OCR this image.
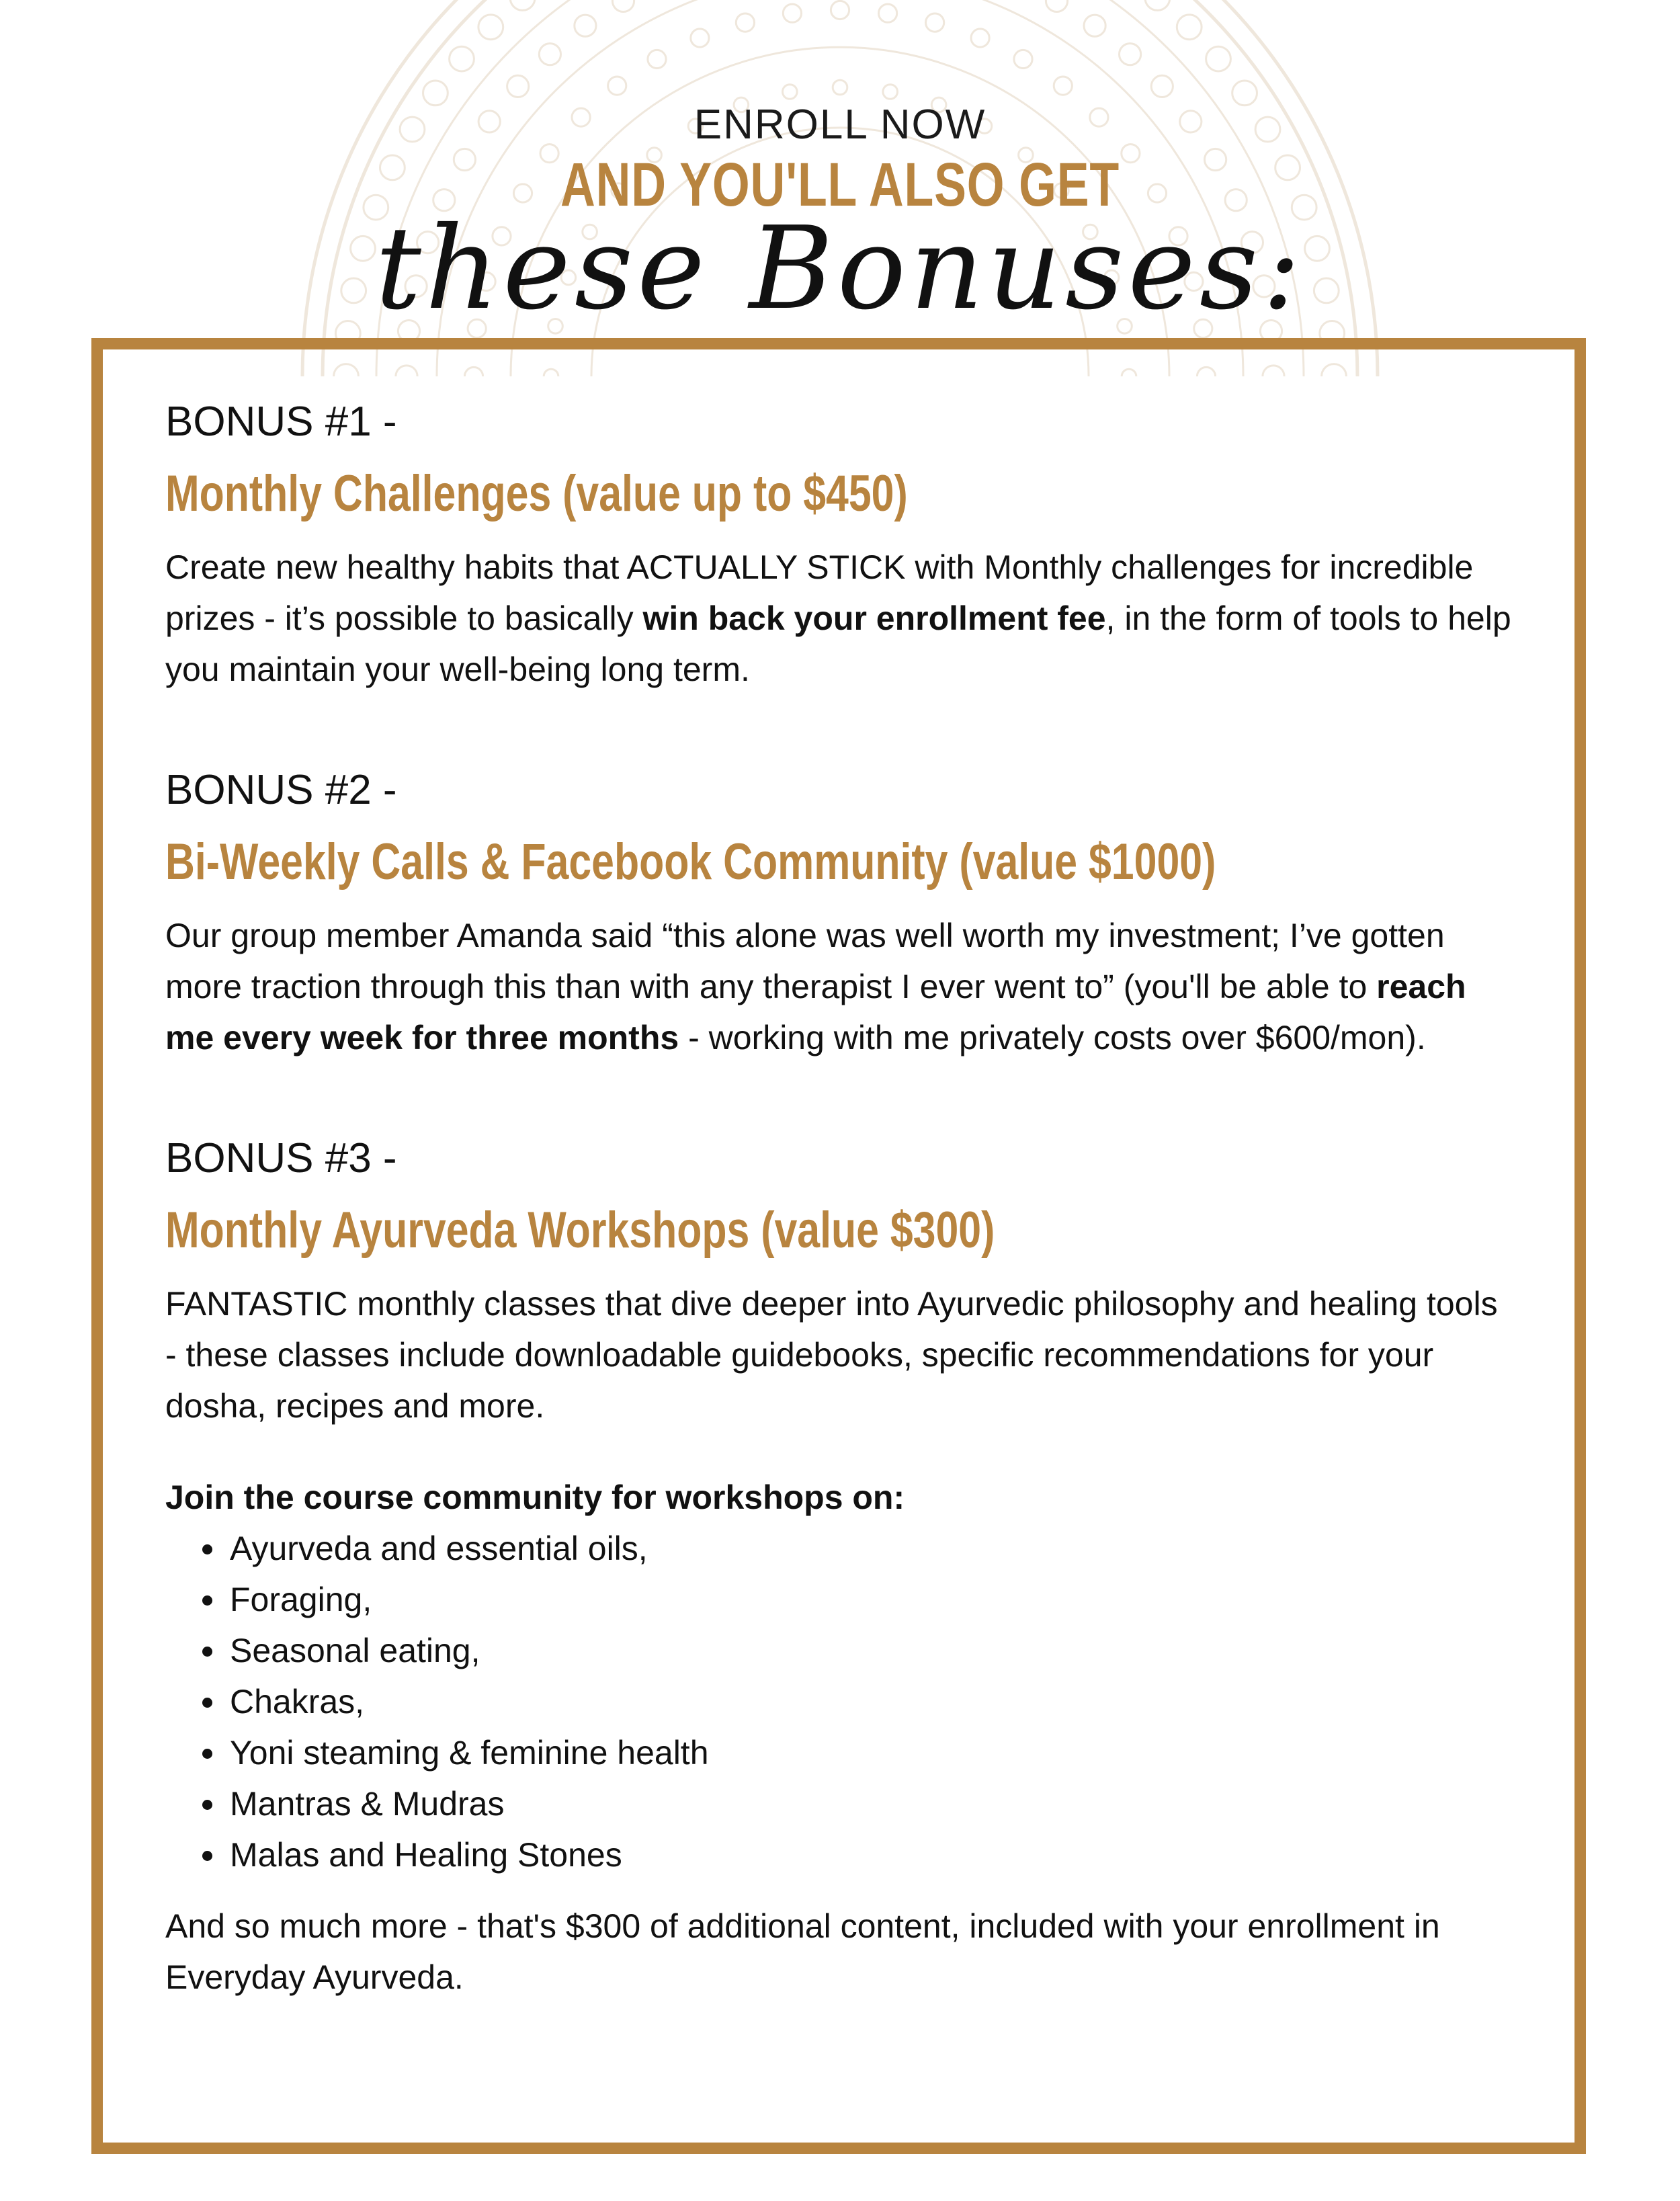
ENROLL NOW
AND YOU'LL ALSO GET
these Bonuses:

BONUS #1 -

Monthly Challenges (value up to $450)

Create new healthy habits that ACTUALLY STICK with Monthly challenges for incredible prizes - it’s possible to basically win back your enrollment fee, in the form of tools to help you maintain your well-being long term.

BONUS #2 -

Bi-Weekly Calls & Facebook Community (value $1000)

Our group member Amanda said “this alone was well worth my investment; I’ve gotten more traction through this than with any therapist I ever went to” (you'll be able to reach me every week for three months - working with me privately costs over $600/mon).

BONUS #3 -

Monthly Ayurveda Workshops (value $300)

FANTASTIC monthly classes that dive deeper into Ayurvedic philosophy and healing tools - these classes include downloadable guidebooks, specific recommendations for your dosha, recipes and more.

Join the course community for workshops on:

• Ayurveda and essential oils,
• Foraging,
• Seasonal eating,
• Chakras,
• Yoni steaming & feminine health
• Mantras & Mudras
• Malas and Healing Stones

And so much more - that's $300 of additional content, included with your enrollment in Everyday Ayurveda.
